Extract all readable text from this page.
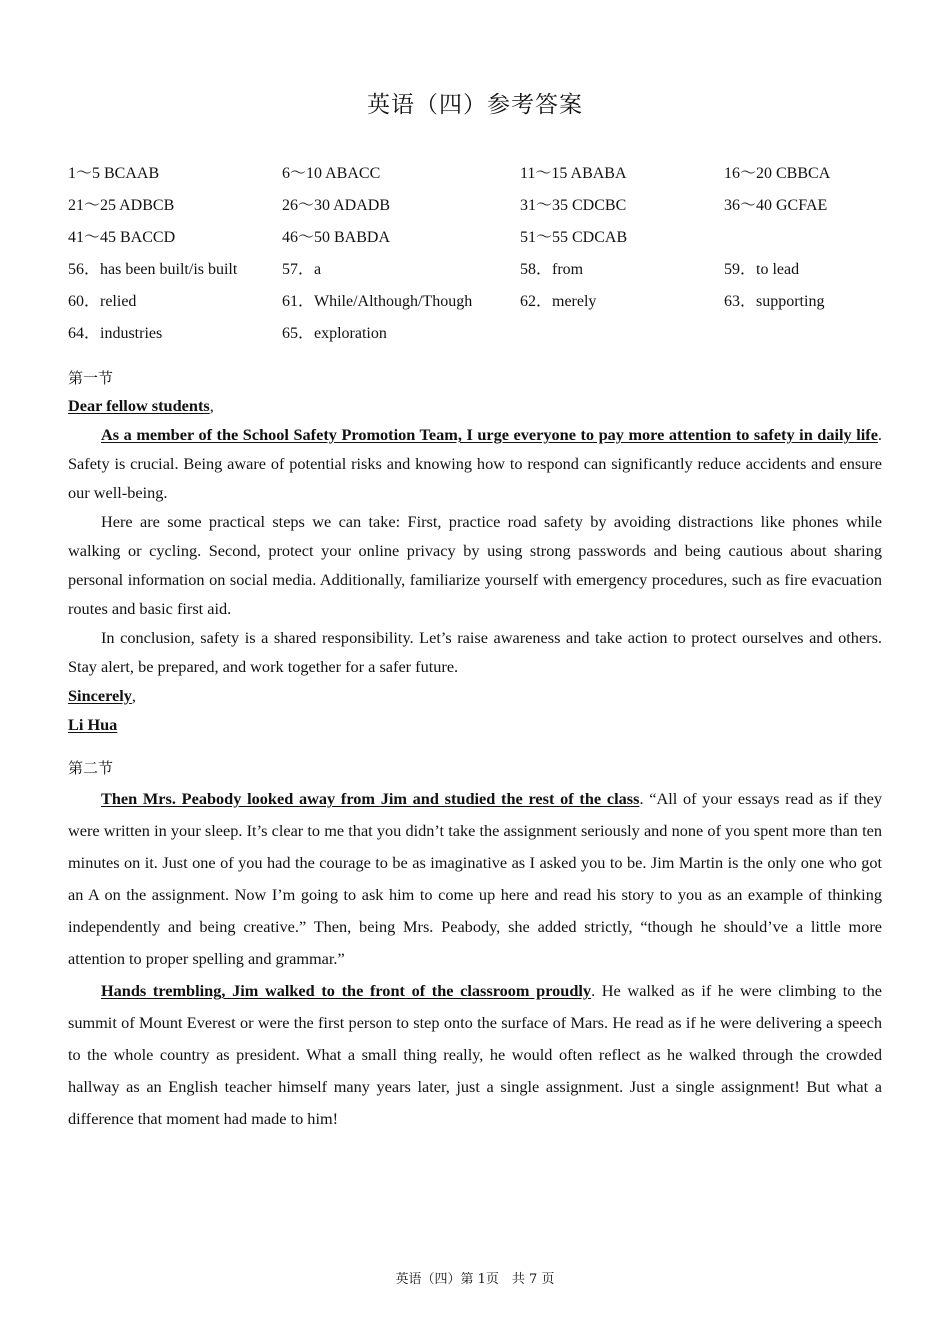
英语（四）参考答案
1～5 BCAAB	6～10 ABACC	11～15 ABABA	16～20 CBBCA
21～25 ADBCB	26～30 ADADB	31～35 CDCBC	36～40 GCFAE
41～45 BACCD	46～50 BABDA	51～55 CDCAB
56．has been built/is built	57．a	58．from	59．to lead
60．relied	61．While/Although/Though	62．merely	63．supporting
64．industries	65．exploration
第一节

Dear fellow students,

As a member of the School Safety Promotion Team, I urge everyone to pay more attention to safety in daily life. Safety is crucial. Being aware of potential risks and knowing how to respond can significantly reduce accidents and ensure our well-being.

Here are some practical steps we can take: First, practice road safety by avoiding distractions like phones while walking or cycling. Second, protect your online privacy by using strong passwords and being cautious about sharing personal information on social media. Additionally, familiarize yourself with emergency procedures, such as fire evacuation routes and basic first aid.

In conclusion, safety is a shared responsibility. Let’s raise awareness and take action to protect ourselves and others. Stay alert, be prepared, and work together for a safer future.

Sincerely,

Li Hua

第二节

Then Mrs. Peabody looked away from Jim and studied the rest of the class. “All of your essays read as if they were written in your sleep. It’s clear to me that you didn’t take the assignment seriously and none of you spent more than ten minutes on it. Just one of you had the courage to be as imaginative as I asked you to be. Jim Martin is the only one who got an A on the assignment. Now I’m going to ask him to come up here and read his story to you as an example of thinking independently and being creative.” Then, being Mrs. Peabody, she added strictly, “though he should’ve a little more attention to proper spelling and grammar.”

Hands trembling, Jim walked to the front of the classroom proudly. He walked as if he were climbing to the summit of Mount Everest or were the first person to step onto the surface of Mars. He read as if he were delivering a speech to the whole country as president. What a small thing really, he would often reflect as he walked through the crowded hallway as an English teacher himself many years later, just a single assignment. Just a single assignment! But what a difference that moment had made to him!

英语（四）第 1页　共 7 页
